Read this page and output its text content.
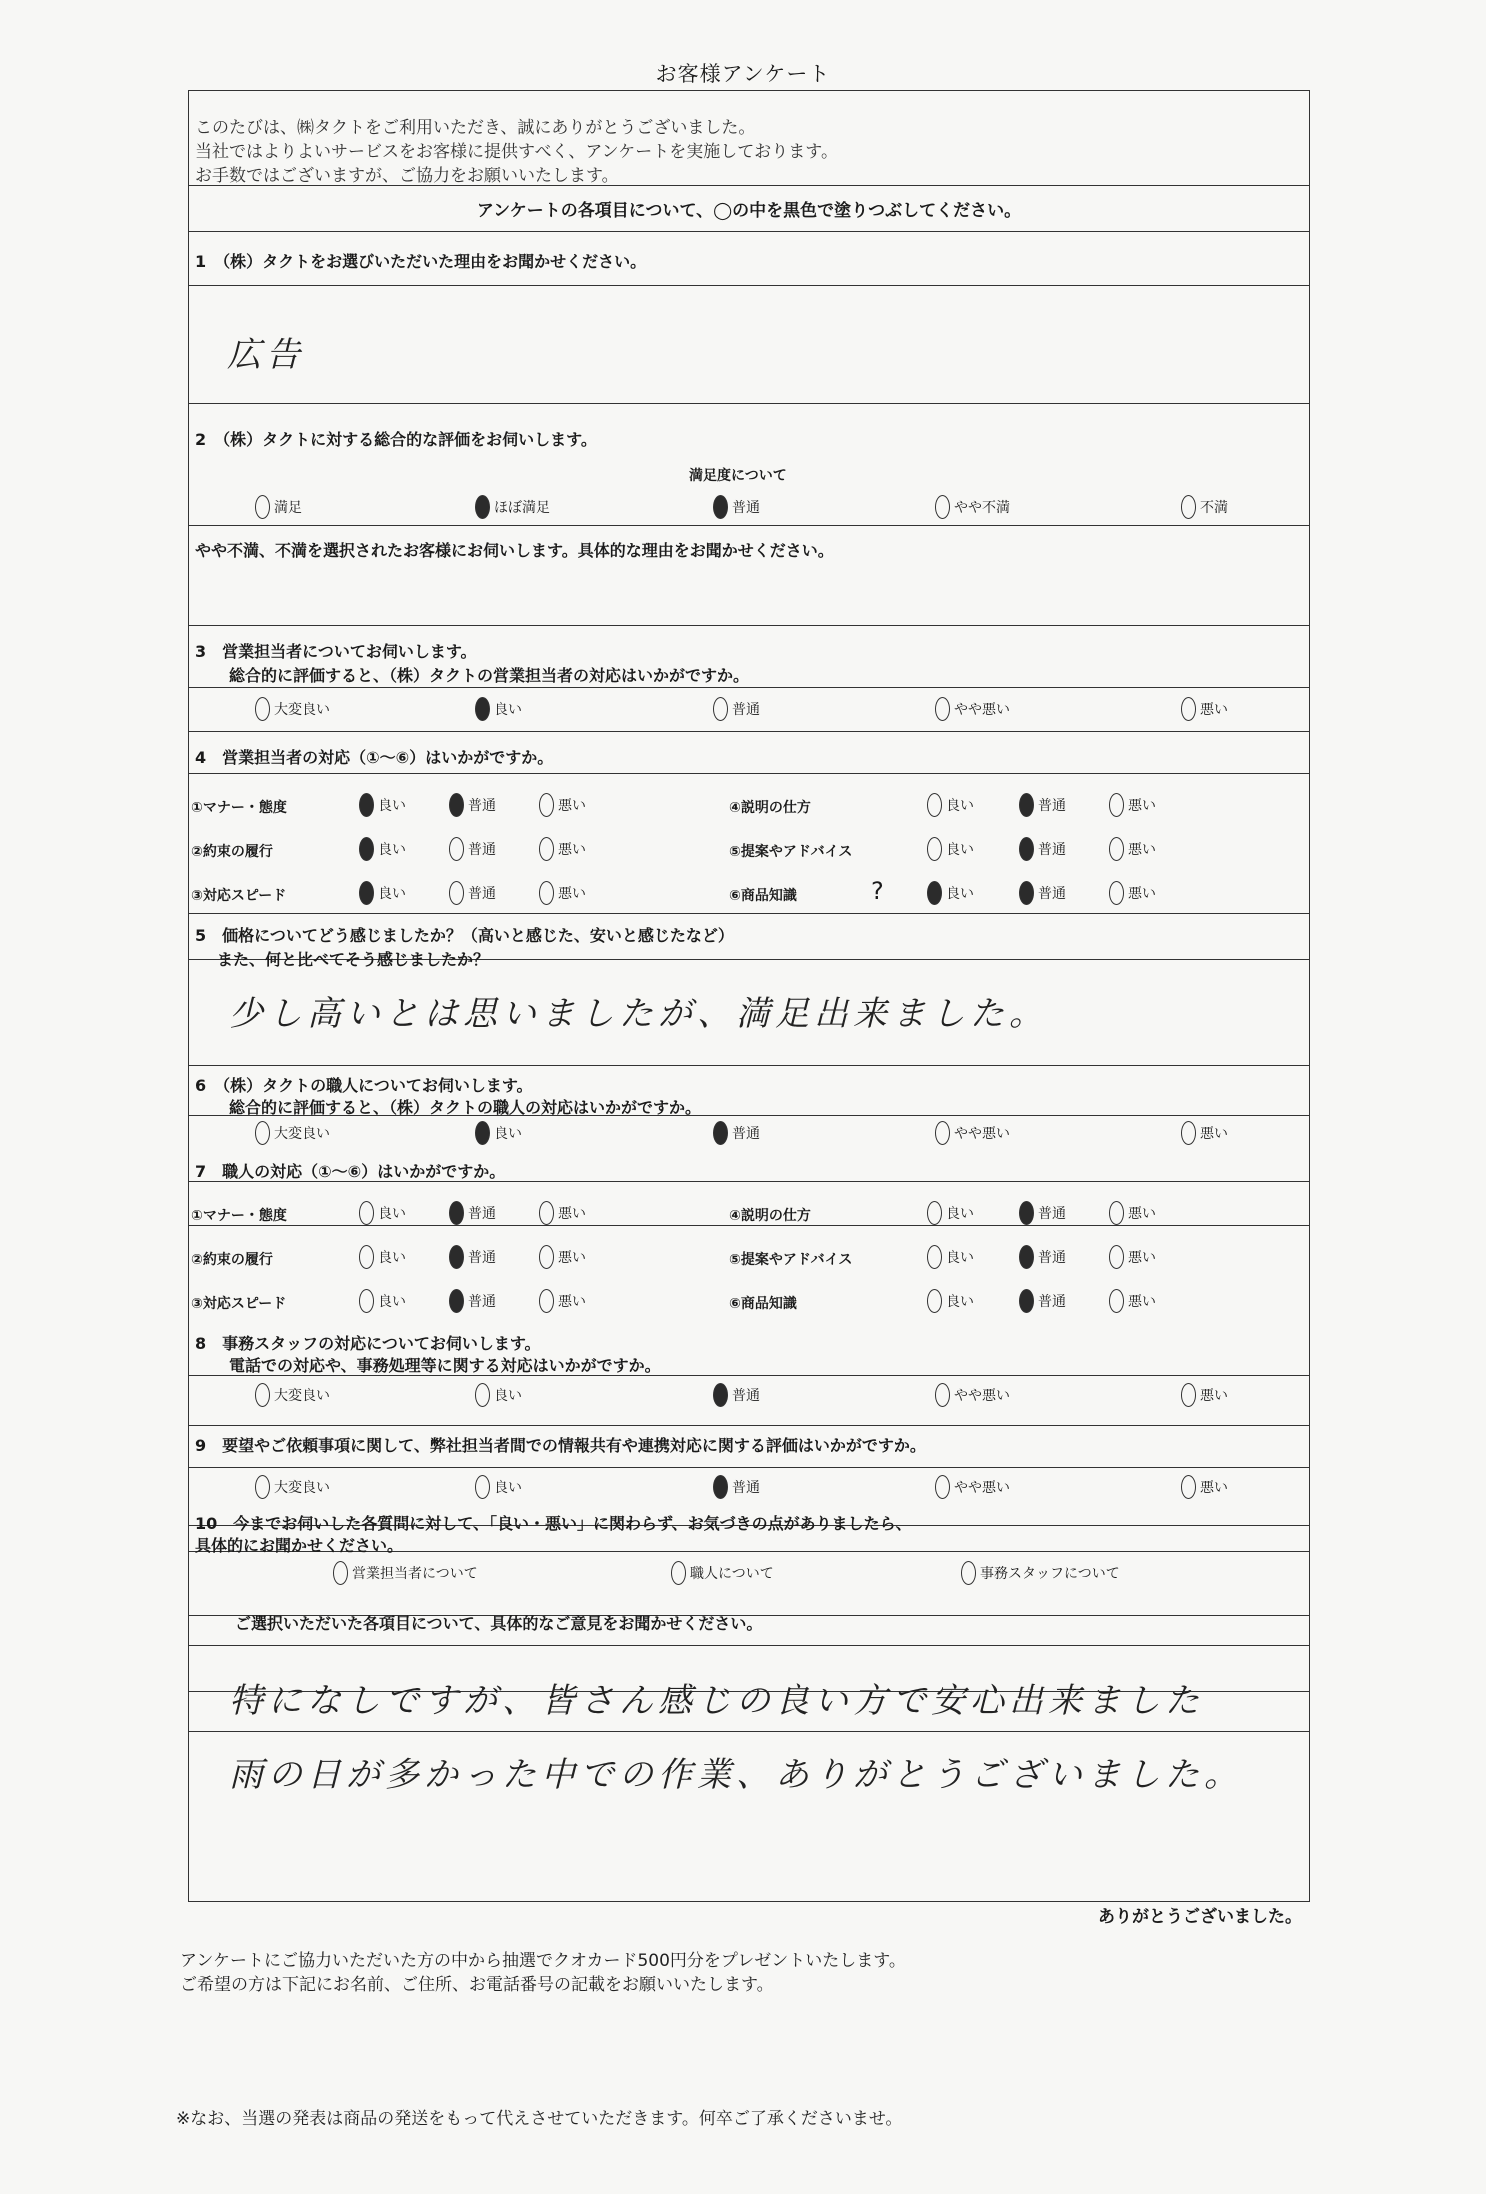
お客様アンケート
このたびは、㈱タクトをご利用いただき、誠にありがとうございました。
当社ではよりよいサービスをお客様に提供すべく、アンケートを実施しております。
お手数ではございますが、ご協力をお願いいたします。
アンケートの各項目について、◯の中を黒色で塗りつぶしてください。
1　（株）タクトをお選びいただいた理由をお聞かせください。
広告
2　（株）タクトに対する総合的な評価をお伺いします。
満足度について
やや不満、不満を選択されたお客様にお伺いします。具体的な理由をお聞かせください。
3　営業担当者についてお伺いします。
総合的に評価すると、（株）タクトの営業担当者の対応はいかがですか。
4　営業担当者の対応（①～⑥）はいかがですか。
?
5　価格についてどう感じましたか？（高いと感じた、安いと感じたなど）
また、何と比べてそう感じましたか？
少し高いとは思いましたが、満足出来ました。
6　（株）タクトの職人についてお伺いします。
総合的に評価すると、（株）タクトの職人の対応はいかがですか。
7　職人の対応（①～⑥）はいかがですか。
8　事務スタッフの対応についてお伺いします。
電話での対応や、事務処理等に関する対応はいかがですか。
9　要望やご依頼事項に関して、弊社担当者間での情報共有や連携対応に関する評価はいかがですか。
10　今までお伺いした各質問に対して、「良い・悪い」に関わらず、お気づきの点がありましたら、
具体的にお聞かせください。
ご選択いただいた各項目について、具体的なご意見をお聞かせください。
特になしですが、皆さん感じの良い方で安心出来ました
雨の日が多かった中での作業、ありがとうございました。
満足	ほぼ満足	普通	やや不満	不満
大変良い	良い	普通	やや悪い	悪い
大変良い	良い	普通	やや悪い	悪い
大変良い	良い	普通	やや悪い	悪い
大変良い	良い	普通	やや悪い	悪い
営業担当者について	職人について	事務スタッフについて
①マナー・態度	良い	普通	悪い
②約束の履行	良い	普通	悪い
③対応スピード	良い	普通	悪い
④説明の仕方	良い	普通	悪い
⑤提案やアドバイス	良い	普通	悪い
⑥商品知識	良い	普通	悪い
①マナー・態度	良い	普通	悪い
②約束の履行	良い	普通	悪い
③対応スピード	良い	普通	悪い
④説明の仕方	良い	普通	悪い
⑤提案やアドバイス	良い	普通	悪い
⑥商品知識	良い	普通	悪い
ありがとうございました。
アンケートにご協力いただいた方の中から抽選でクオカード500円分をプレゼントいたします。
ご希望の方は下記にお名前、ご住所、お電話番号の記載をお願いいたします。
※なお、当選の発表は商品の発送をもって代えさせていただきます。何卒ご了承くださいませ。
